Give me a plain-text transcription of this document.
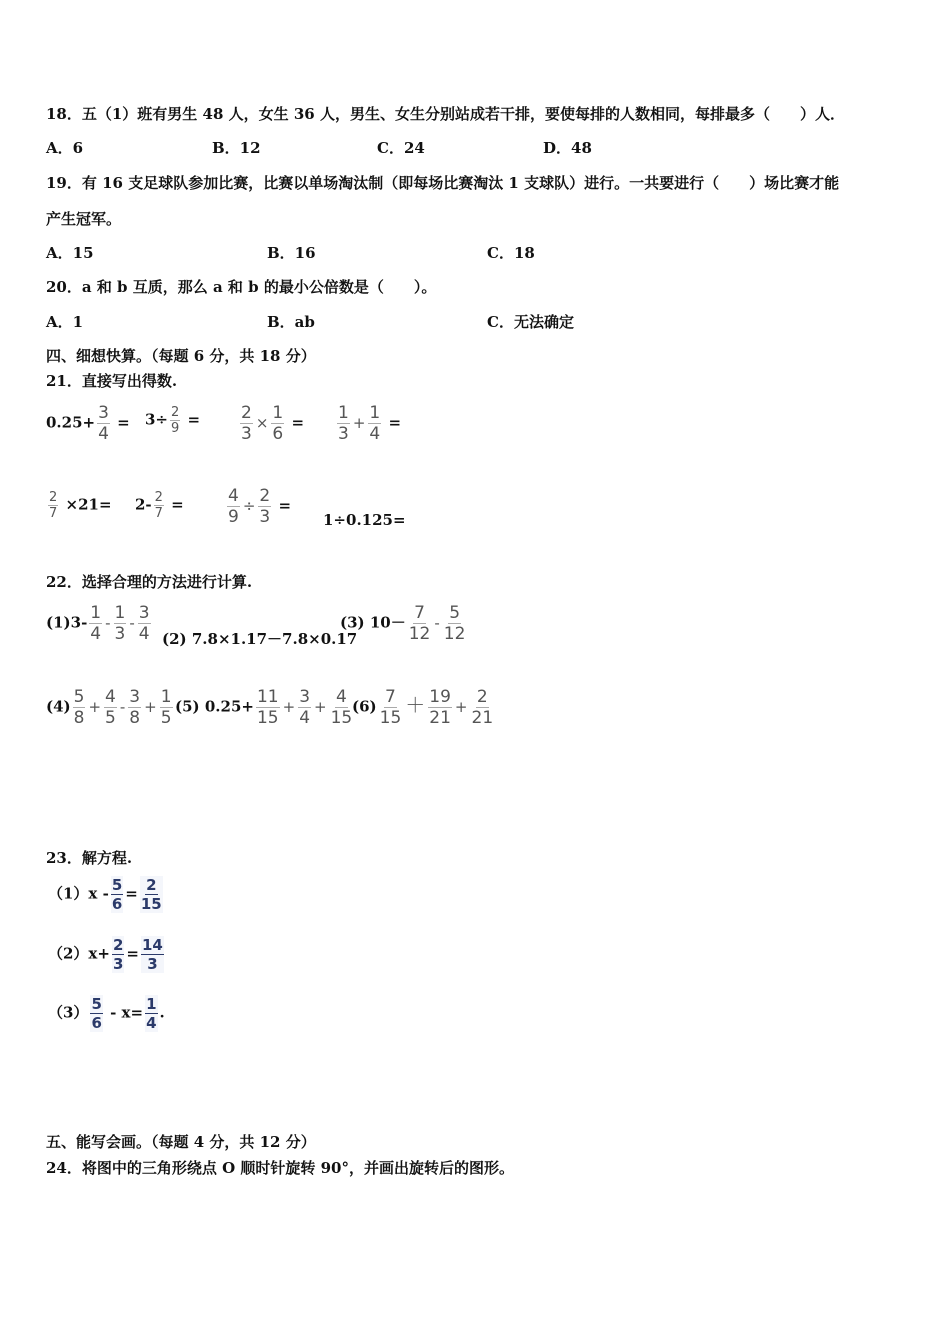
18．五（1）班有男生 48 人，女生 36 人，男生、女生分别站成若干排，要使每排的人数相同，每排最多（　　）人．
A．6	B．12	C．24	D．48
19．有 16 支足球队参加比赛，比赛以单场淘汰制（即每场比赛淘汰 1 支球队）进行。一共要进行（　　）场比赛才能
产生冠军。
A．15	B．16	C．18
20．a 和 b 互质，那么 a 和 b 的最小公倍数是（　　）。
A．1	B．ab	C．无法确定
四、细想快算。（每题 6 分，共 18 分）
21．直接写出得数.
$0.25+ \frac{3}{4} = 3\div \frac{2}{9} = \frac{2}{3} \times \frac{1}{6} = \frac{1}{3} + \frac{1}{4}$ =
$\frac{2}{7} \times 21= 2- \frac{2}{7}$ =	$\frac{4}{9} \div \frac{2}{3}$ =
1÷0.125=
22．选择合理的方法进行计算.
$(1)3- \frac{1}{4} - \frac{1}{3} - \frac{3}{4} (2)$ 7.8×1.17－7.8×0.17
(3) $10- \frac{7}{12} - \frac{5}{12}$
$(4) \frac{5}{8} + \frac{4}{5} - \frac{3}{8} + \frac{1}{5} (5)$ $0.25+ \frac{11}{15} + \frac{3}{4} + \frac{4}{15}$
$(6) \frac{7}{15} + \frac{19}{21} + \frac{2}{21}$
23．解方程.
$(1)x - \frac{5}{6} = \frac{2}{15}$
$(2)x+ \frac{2}{3} = \frac{14}{3}$
$(3) \frac{5}{6} - x= \frac{1}{4}$ .
五、能写会画。（每题 4 分，共 12 分）
24．将图中的三角形绕点 O 顺时针旋转 90°，并画出旋转后的图形。
